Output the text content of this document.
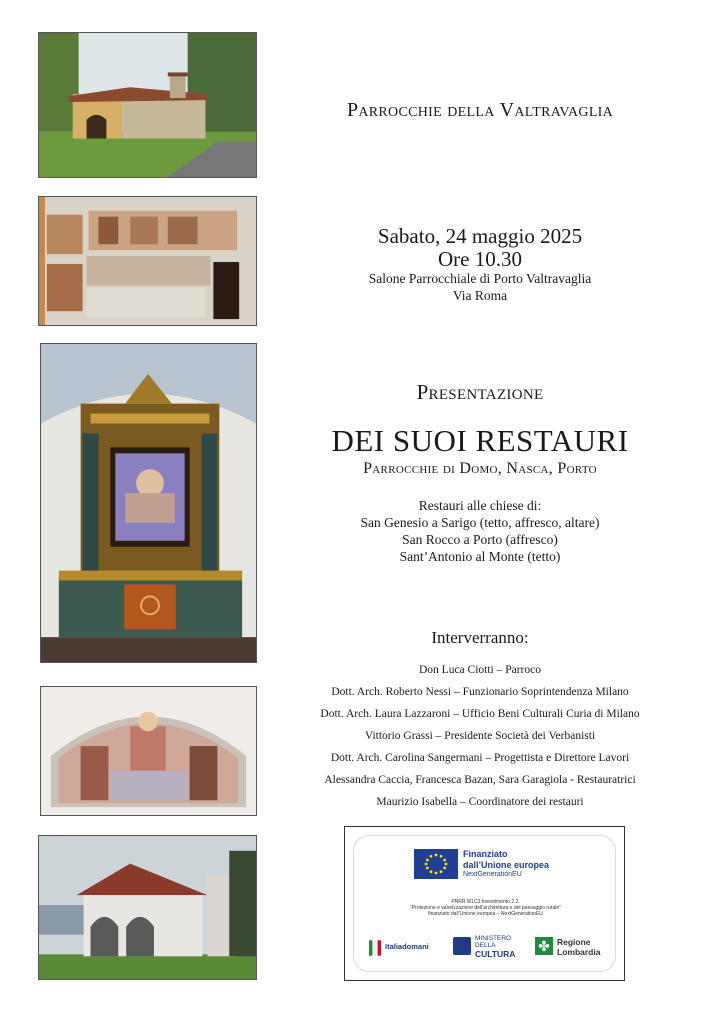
Parrocchie della Valtravaglia
Sabato, 24 maggio 2025
Ore 10.30
Salone Parrocchiale di Porto Valtravaglia
Via Roma
Presentazione
DEI SUOI RESTAURI
Parrocchie di Domo, Nasca, Porto
Restauri alle chiese di:
San Genesio a Sarigo (tetto, affresco, altare)
San Rocco a Porto (affresco)
Sant’Antonio al Monte (tetto)
Interverranno:

Don Luca Ciotti – Parroco

Dott. Arch. Roberto Nessi – Funzionario Soprintendenza Milano

Dott. Arch. Laura Lazzaroni – Ufficio Beni Culturali Curia di Milano

Vittorio Grassi – Presidente Società dei Verbanisti

Dott. Arch. Carolina Sangermani – Progettista e Direttore Lavori

Alessandra Caccia, Francesca Bazan, Sara Garagiola - Restauratrici

Maurizio Isabella – Coordinatore dei restauri

Finanziato
dall’Unione europea
NextGenerationEU
PNRR M1C3 Investimento 2.2.
“Protezione e valorizzazione dell’architettura e del paesaggio rurale”
finanziato dall’Unione europea – NextGenerationEU
Italiadomani
MINISTERO
DELLA
CULTURA ✤ Regione
Lombardia
